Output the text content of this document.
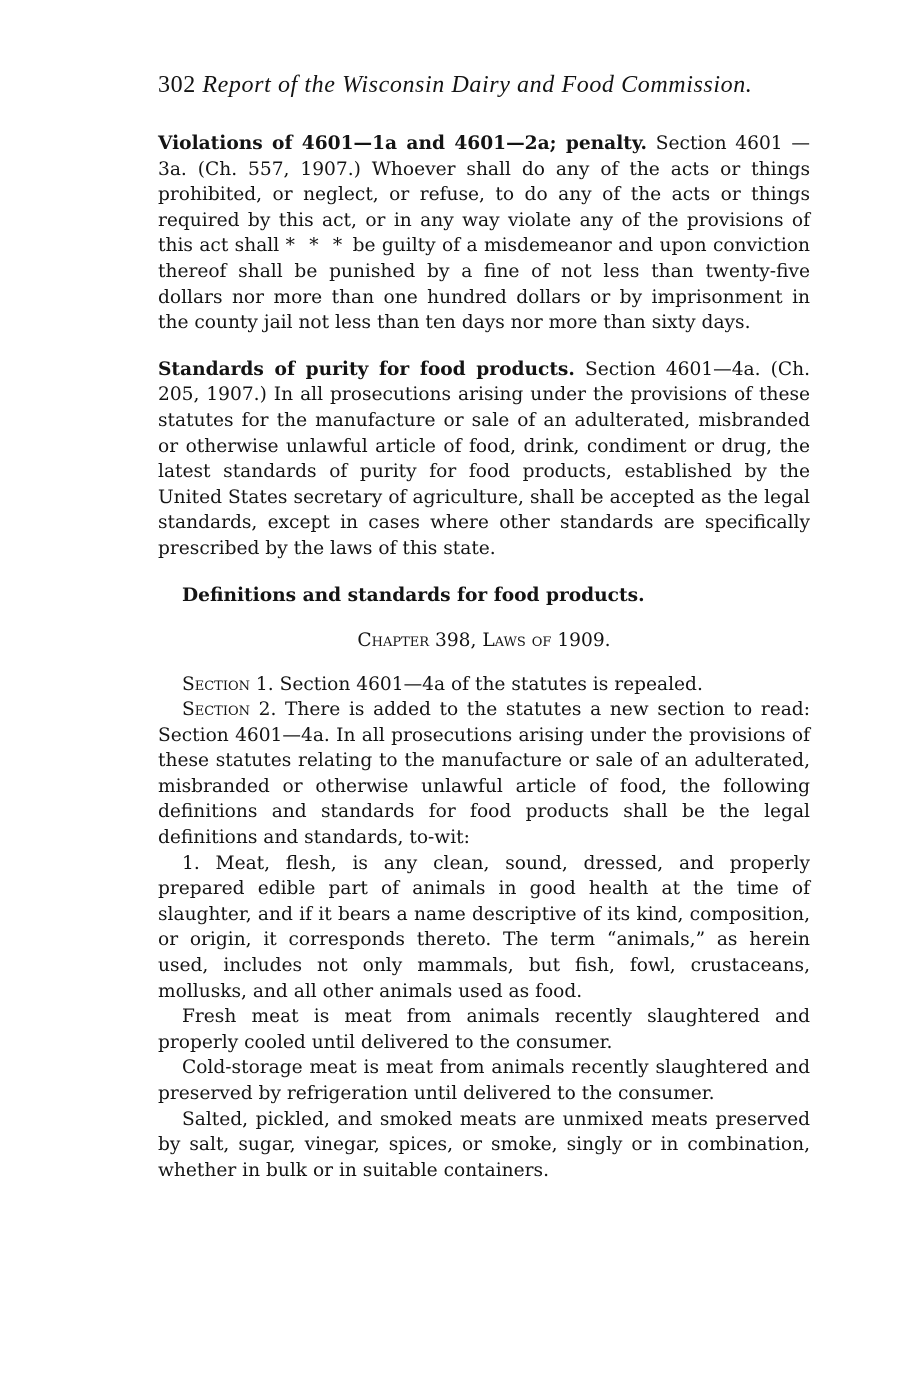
302 Report of the Wisconsin Dairy and Food Commission.

Violations of 4601—1a and 4601—2a; penalty. Section 4601 —3a. (Ch. 557, 1907.) Whoever shall do any of the acts or things prohibited, or neglect, or refuse, to do any of the acts or things required by this act, or in any way violate any of the provisions of this act shall * * * be guilty of a misdemeanor and upon conviction thereof shall be punished by a fine of not less than twenty-five dollars nor more than one hundred dollars or by imprisonment in the county jail not less than ten days nor more than sixty days.

Standards of purity for food products. Section 4601—4a. (Ch. 205, 1907.) In all prosecutions arising under the provisions of these statutes for the manufacture or sale of an adulterated, misbranded or otherwise unlawful article of food, drink, condiment or drug, the latest standards of purity for food products, established by the United States secretary of agriculture, shall be accepted as the legal standards, except in cases where other standards are specifically prescribed by the laws of this state.

Definitions and standards for food products.
Chapter 398, Laws of 1909.

Section 1. Section 4601—4a of the statutes is repealed.

Section 2. There is added to the statutes a new section to read: Section 4601—4a. In all prosecutions arising under the provisions of these statutes relating to the manufacture or sale of an adulterated, misbranded or otherwise unlawful article of food, the following definitions and standards for food products shall be the legal definitions and standards, to-wit:

1. Meat, flesh, is any clean, sound, dressed, and properly prepared edible part of animals in good health at the time of slaughter, and if it bears a name descriptive of its kind, composition, or origin, it corresponds thereto. The term “animals,” as herein used, includes not only mammals, but fish, fowl, crustaceans, mollusks, and all other animals used as food.

Fresh meat is meat from animals recently slaughtered and properly cooled until delivered to the consumer.

Cold-storage meat is meat from animals recently slaughtered and preserved by refrigeration until delivered to the consumer.

Salted, pickled, and smoked meats are unmixed meats preserved by salt, sugar, vinegar, spices, or smoke, singly or in combination, whether in bulk or in suitable containers.
